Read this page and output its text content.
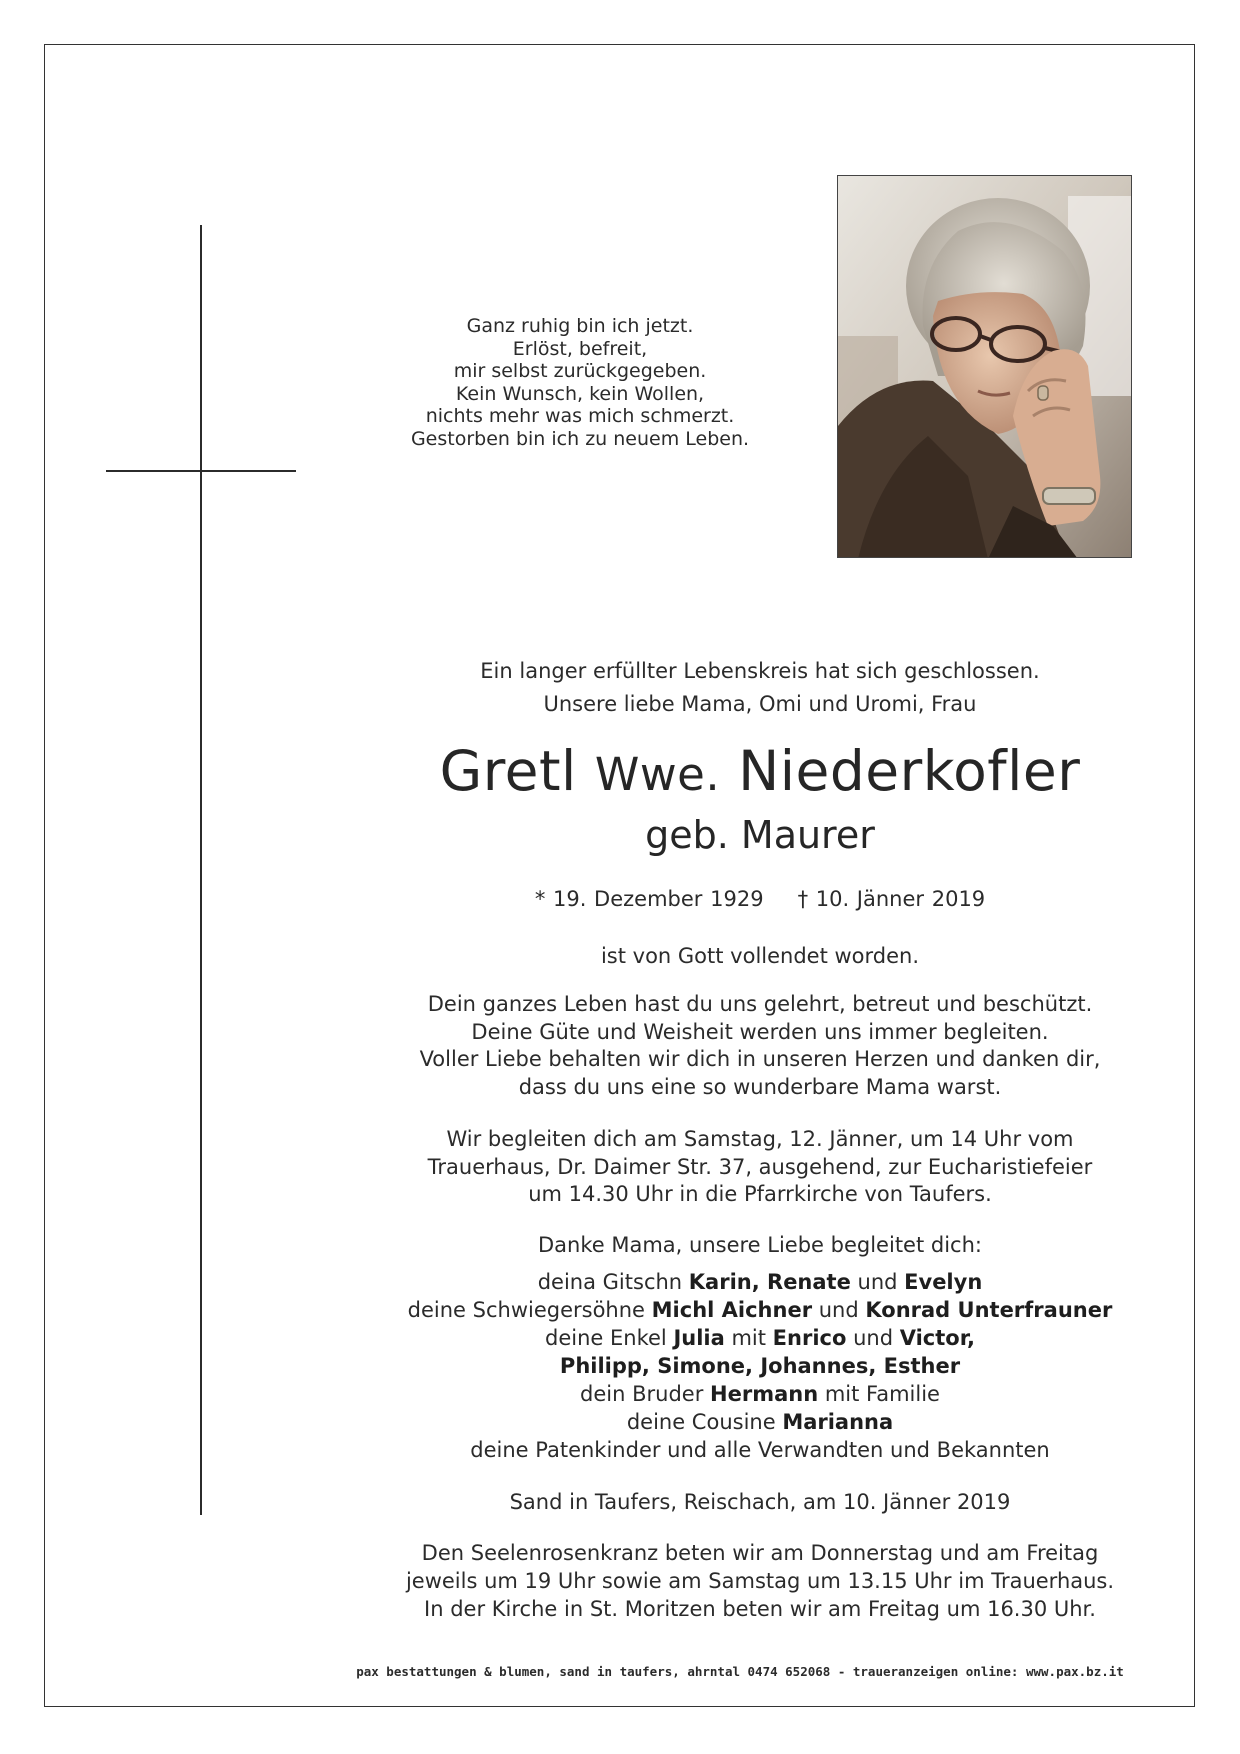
Ganz ruhig bin ich jetzt.
Erlöst, befreit,
mir selbst zurückgegeben.
Kein Wunsch, kein Wollen,
nichts mehr was mich schmerzt.
Gestorben bin ich zu neuem Leben.
Ein langer erfüllter Lebenskreis hat sich geschlossen.
Unsere liebe Mama, Omi und Uromi, Frau
Gretl Wwe. Niederkofler
geb. Maurer
* 19. Dezember 1929 † 10. Jänner 2019
ist von Gott vollendet worden.
Dein ganzes Leben hast du uns gelehrt, betreut und beschützt.
Deine Güte und Weisheit werden uns immer begleiten.
Voller Liebe behalten wir dich in unseren Herzen und danken dir,
dass du uns eine so wunderbare Mama warst.
Wir begleiten dich am Samstag, 12. Jänner, um 14 Uhr vom
Trauerhaus, Dr. Daimer Str. 37, ausgehend, zur Eucharistiefeier
um 14.30 Uhr in die Pfarrkirche von Taufers.
Danke Mama, unsere Liebe begleitet dich:
deina Gitschn Karin, Renate und Evelyn
deine Schwiegersöhne Michl Aichner und Konrad Unterfrauner
deine Enkel Julia mit Enrico und Victor,
Philipp, Simone, Johannes, Esther
dein Bruder Hermann mit Familie
deine Cousine Marianna
deine Patenkinder und alle Verwandten und Bekannten
Sand in Taufers, Reischach, am 10. Jänner 2019
Den Seelenrosenkranz beten wir am Donnerstag und am Freitag
jeweils um 19 Uhr sowie am Samstag um 13.15 Uhr im Trauerhaus.
In der Kirche in St. Moritzen beten wir am Freitag um 16.30 Uhr.
pax bestattungen & blumen, sand in taufers, ahrntal 0474 652068 - traueranzeigen online: www.pax.bz.it
